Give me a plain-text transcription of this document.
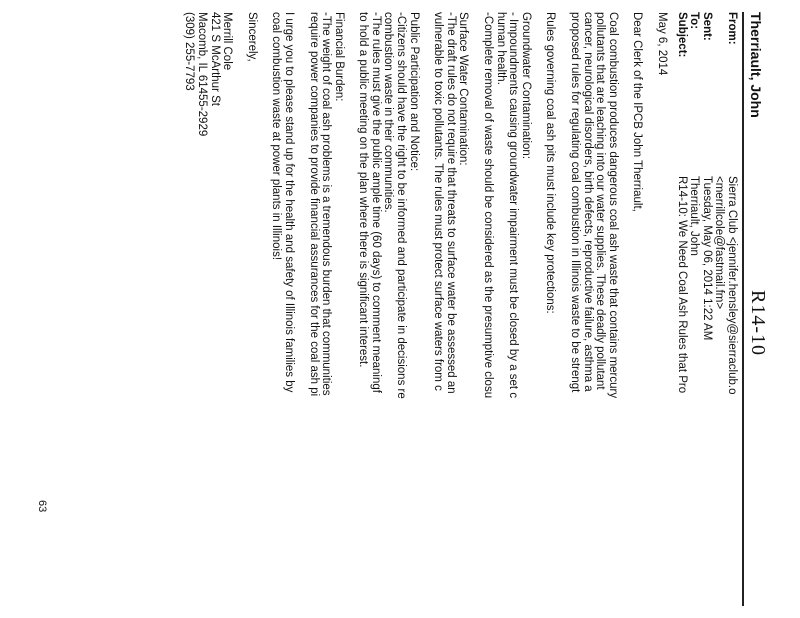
R14-10
Therriault, John
From:
Sierra Club <jennifer.hensley@sierraclub.o
<merrillcole@fastmail.fm>
Sent:
Tuesday, May 06, 2014 1:22 AM
To:
Therriault, John
Subject:
R14-10: We Need Coal Ash Rules that Pro
May 6, 2014
Dear Clerk of the IPCB John Therriault,
Coal combustion produces dangerous coal ash waste that contains mercury
pollutants that are leaching into our water supplies. These deadly pollutant
cancer, neurological disorders, birth defects, reproductive failure, asthma a
proposed rules for regulating coal combustion in Illinois waste to be strengt
Rules governing coal ash pits must include key protections:
Groundwater Contamination:
- Impoundments causing groundwater impairment must be closed by a set c
human health.
-Complete removal of waste should be considered as the presumptive closu
Surface Water Contamination:
-The draft rules do not require that threats to surface water be assessed an
vulnerable to toxic pollutants. The rules must protect surface waters from c
Public Participation and Notice:
-Citizens should have the right to be informed and participate in decisions re
combustion waste in their communities.
-The rules must give the public ample time (60 days) to comment meaningf
to hold a public meeting on the plan where there is significant interest.
Financial Burden:
-The weight of coal ash problems is a tremendous burden that communities
require power companies to provide financial assurances for the coal ash pi
I urge you to please stand up for the health and safety of Illinois families by
coal combustion waste at power plants in Illinois!
Sincerely,
Merrill Cole
421 S McArthur St
Macomb, IL 61455-2929
(309) 255-7793
63
